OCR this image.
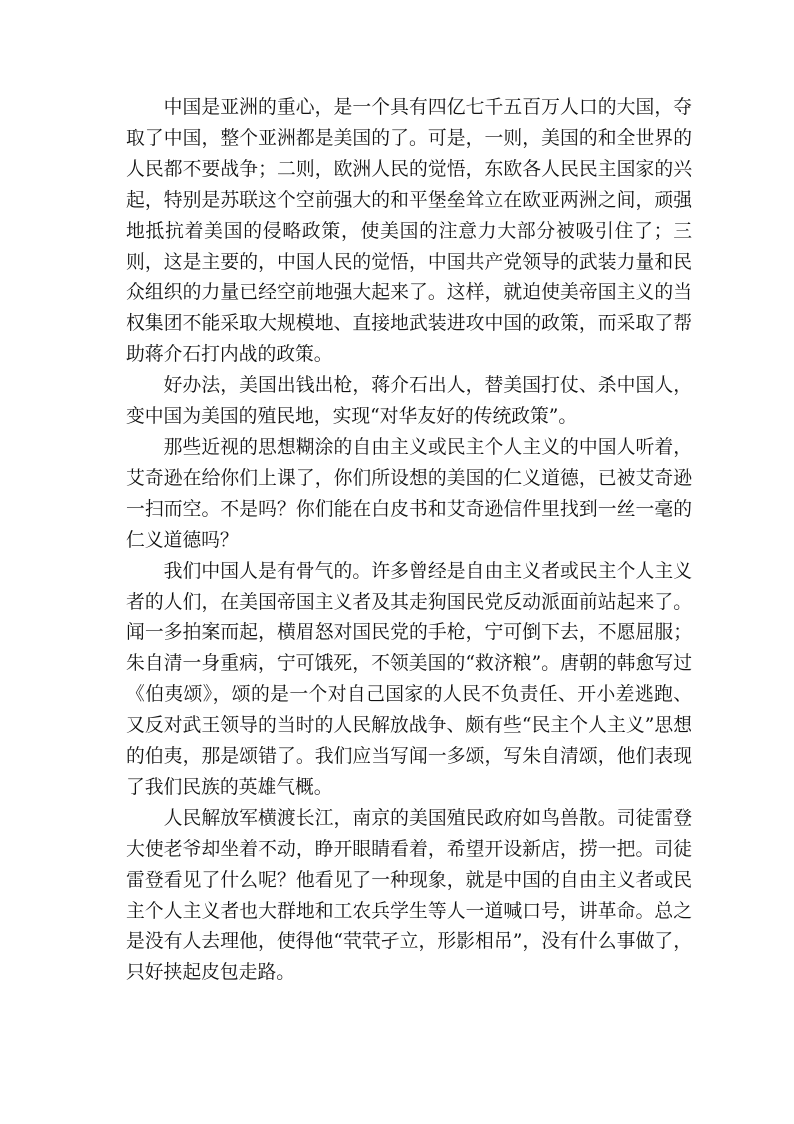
中国是亚洲的重心，是一个具有四亿七千五百万人口的大国，夺取了中国，整个亚洲都是美国的了。可是，一则，美国的和全世界的人民都不要战争；二则，欧洲人民的觉悟，东欧各人民民主国家的兴起，特别是苏联这个空前强大的和平堡垒耸立在欧亚两洲之间，顽强地抵抗着美国的侵略政策，使美国的注意力大部分被吸引住了；三则，这是主要的，中国人民的觉悟，中国共产党领导的武装力量和民众组织的力量已经空前地强大起来了。这样，就迫使美帝国主义的当权集团不能采取大规模地、直接地武装进攻中国的政策，而采取了帮助蒋介石打内战的政策。

好办法，美国出钱出枪，蒋介石出人，替美国打仗、杀中国人，变中国为美国的殖民地，实现“对华友好的传统政策”。

那些近视的思想糊涂的自由主义或民主个人主义的中国人听着，艾奇逊在给你们上课了，你们所设想的美国的仁义道德，已被艾奇逊一扫而空。不是吗？你们能在白皮书和艾奇逊信件里找到一丝一毫的仁义道德吗？

我们中国人是有骨气的。许多曾经是自由主义者或民主个人主义者的人们，在美国帝国主义者及其走狗国民党反动派面前站起来了。闻一多拍案而起，横眉怒对国民党的手枪，宁可倒下去，不愿屈服；朱自清一身重病，宁可饿死，不领美国的“救济粮”。唐朝的韩愈写过《伯夷颂》，颂的是一个对自己国家的人民不负责任、开小差逃跑、又反对武王领导的当时的人民解放战争、颇有些“民主个人主义”思想的伯夷，那是颂错了。我们应当写闻一多颂，写朱自清颂，他们表现了我们民族的英雄气概。

人民解放军横渡长江，南京的美国殖民政府如鸟兽散。司徒雷登大使老爷却坐着不动，睁开眼睛看着，希望开设新店，捞一把。司徒雷登看见了什么呢？他看见了一种现象，就是中国的自由主义者或民主个人主义者也大群地和工农兵学生等人一道喊口号，讲革命。总之是没有人去理他，使得他“茕茕孑立，形影相吊”，没有什么事做了，只好挟起皮包走路。
